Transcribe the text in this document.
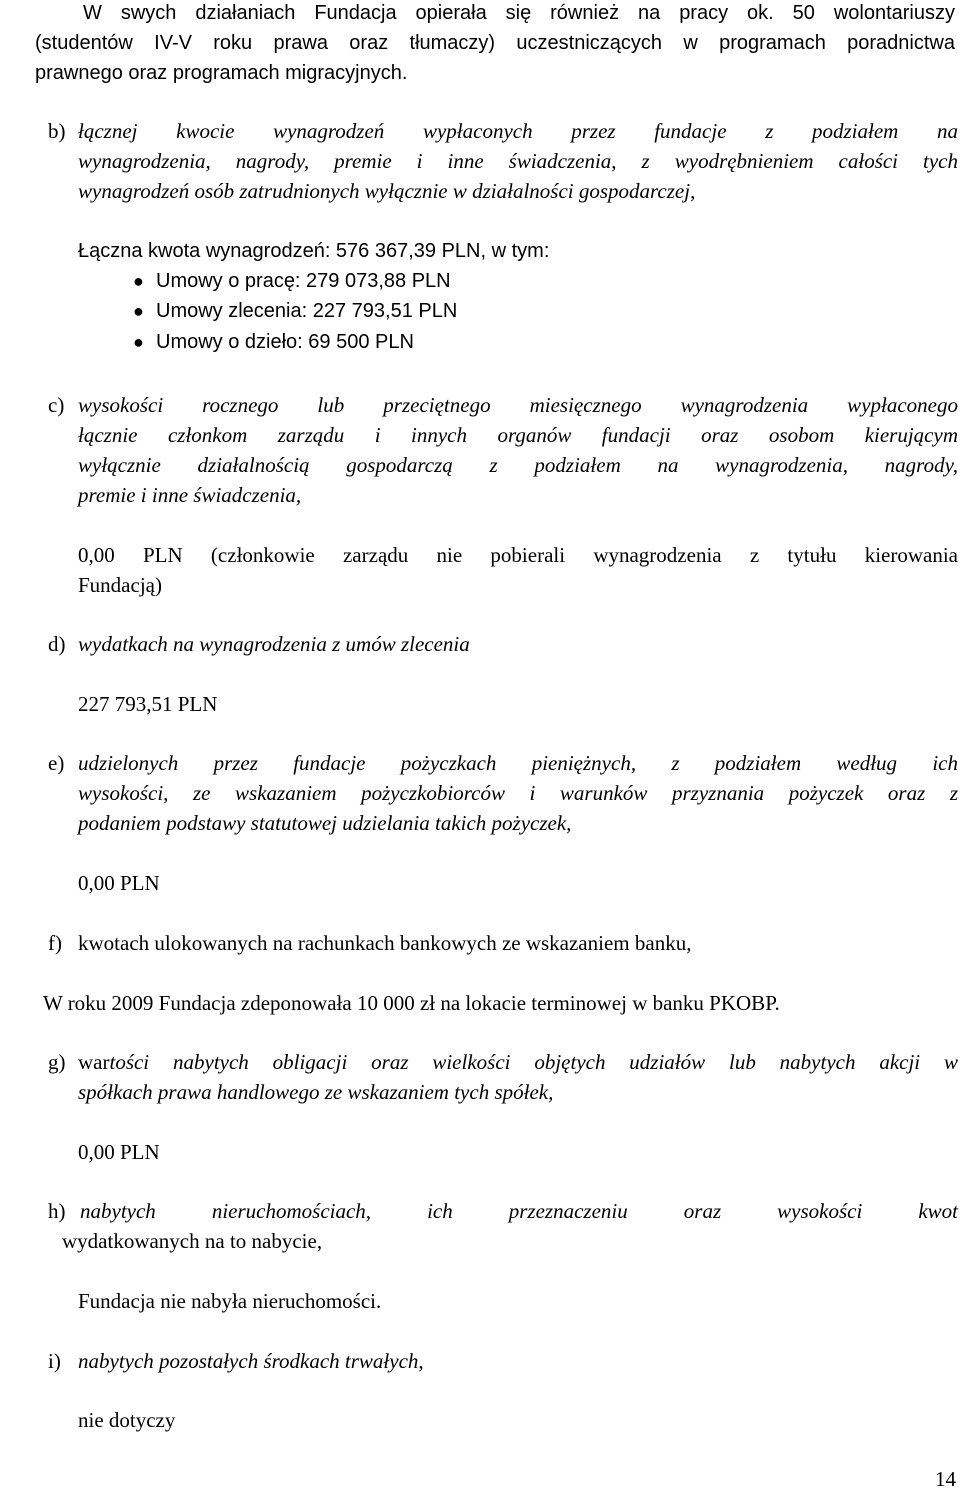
W swych działaniach Fundacja opierała się również na pracy ok. 50 wolontariuszy
(studentów IV-V roku prawa oraz tłumaczy) uczestniczących w programach poradnictwa
prawnego oraz programach migracyjnych.
b) łącznej kwocie wynagrodzeń wypłaconych przez fundacje z podziałem na
wynagrodzenia, nagrody, premie i inne świadczenia, z wyodrębnieniem całości tych
wynagrodzeń osób zatrudnionych wyłącznie w działalności gospodarczej,
Łączna kwota wynagrodzeń: 576 367,39 PLN, w tym:
● Umowy o pracę: 279 073,88 PLN
● Umowy zlecenia: 227 793,51 PLN
● Umowy o dzieło: 69 500 PLN
c) wysokości rocznego lub przeciętnego miesięcznego wynagrodzenia wypłaconego
łącznie członkom zarządu i innych organów fundacji oraz osobom kierującym
wyłącznie działalnością gospodarczą z podziałem na wynagrodzenia, nagrody,
premie i inne świadczenia,
0,00 PLN (członkowie zarządu nie pobierali wynagrodzenia z tytułu kierowania
Fundacją)
d) wydatkach na wynagrodzenia z umów zlecenia
227 793,51 PLN
e) udzielonych przez fundacje pożyczkach pieniężnych, z podziałem według ich
wysokości, ze wskazaniem pożyczkobiorców i warunków przyznania pożyczek oraz z
podaniem podstawy statutowej udzielania takich pożyczek,
0,00 PLN
f) kwotach ulokowanych na rachunkach bankowych ze wskazaniem banku,
W roku 2009 Fundacja zdeponowała 10 000 zł na lokacie terminowej w banku PKOBP.
g) wartości nabytych obligacji oraz wielkości objętych udziałów lub nabytych akcji w
spółkach prawa handlowego ze wskazaniem tych spółek,
0,00 PLN
h) nabytych nieruchomościach, ich przeznaczeniu oraz wysokości kwot
wydatkowanych na to nabycie,
Fundacja nie nabyła nieruchomości.
i) nabytych pozostałych środkach trwałych,
nie dotyczy
14
